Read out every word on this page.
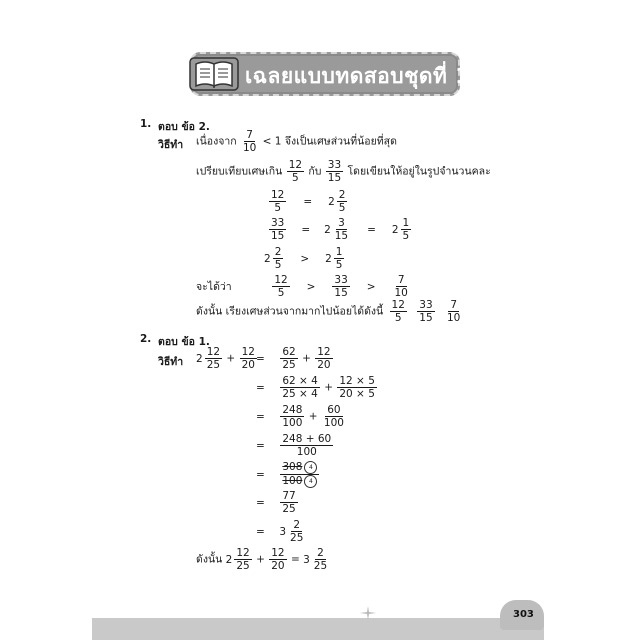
เฉลยแบบทดสอบชุดที่ 1
1. ตอบ ข้อ 2.
วิธีทำ เนื่องจาก $\frac{7}{10} < 1$ จึงเป็นเศษส่วนที่น้อยที่สุด
เปรียบเทียบเศษเกิน $\frac{12}{5}$ กับ $\frac{33}{15}$ โดยเขียนให้อยู่ในรูปจำนวนคละ
$\frac{12}{5} = 2 \frac{2}{5}$
$\frac{33}{15} = 2 \frac{3}{15} = 2 \frac{1}{5}$
$2 \frac{2}{5} > 2 \frac{1}{5}$
จะได้ว่า	$\frac{12}{5} > \frac{33}{15} > \frac{7}{10}$
ดังนั้น เรียงเศษส่วนจากมากไปน้อยได้ดังนี้ $\frac{12}{5}$
$\frac{33}{15}$
$\frac{7}{10}$
2. ตอบ ข้อ 1.
วิธีทำ $2 \frac{12}{25} + \frac{12}{20} = \frac{62}{25} + \frac{12}{20}$
= $\frac{62 \times 4}{25 \times 4} + \frac{12 \times 5}{20 \times 5}$
= $\frac{248}{100} + \frac{60}{100}$
= $\frac{248 + 60}{100}$
= 308	4
100	4
= $\frac{77}{25}$
= $3 \frac{2}{25}$
ดังนั้น $2 \frac{12}{25} + \frac{12}{20} = 3 \frac{2}{25}$
303
